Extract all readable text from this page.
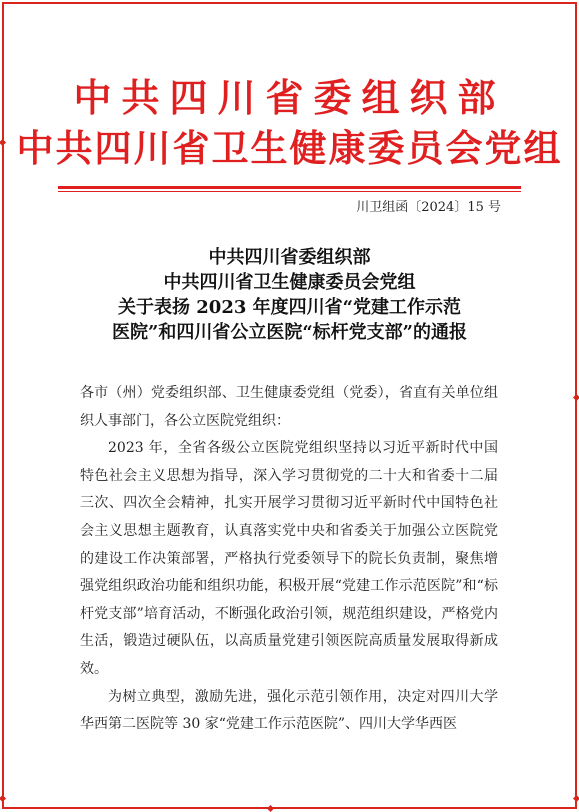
中共四川省委组织部
中共四川省卫生健康委员会党组
川卫组函〔2024〕15 号
中共四川省委组织部
中共四川省卫生健康委员会党组
关于表扬 2023 年度四川省“党建工作示范
医院”和四川省公立医院“标杆党支部”的通报

各市（州）党委组织部、卫生健康委党组（党委），省直有关单位组织人事部门，各公立医院党组织：

2023 年，全省各级公立医院党组织坚持以习近平新时代中国特色社会主义思想为指导，深入学习贯彻党的二十大和省委十二届三次、四次全会精神，扎实开展学习贯彻习近平新时代中国特色社会主义思想主题教育，认真落实党中央和省委关于加强公立医院党的建设工作决策部署，严格执行党委领导下的院长负责制，聚焦增强党组织政治功能和组织功能，积极开展“党建工作示范医院”和“标杆党支部”培育活动，不断强化政治引领，规范组织建设，严格党内生活，锻造过硬队伍，以高质量党建引领医院高质量发展取得新成效。

为树立典型，激励先进，强化示范引领作用，决定对四川大学华西第二医院等 30 家“党建工作示范医院”、四川大学华西医
